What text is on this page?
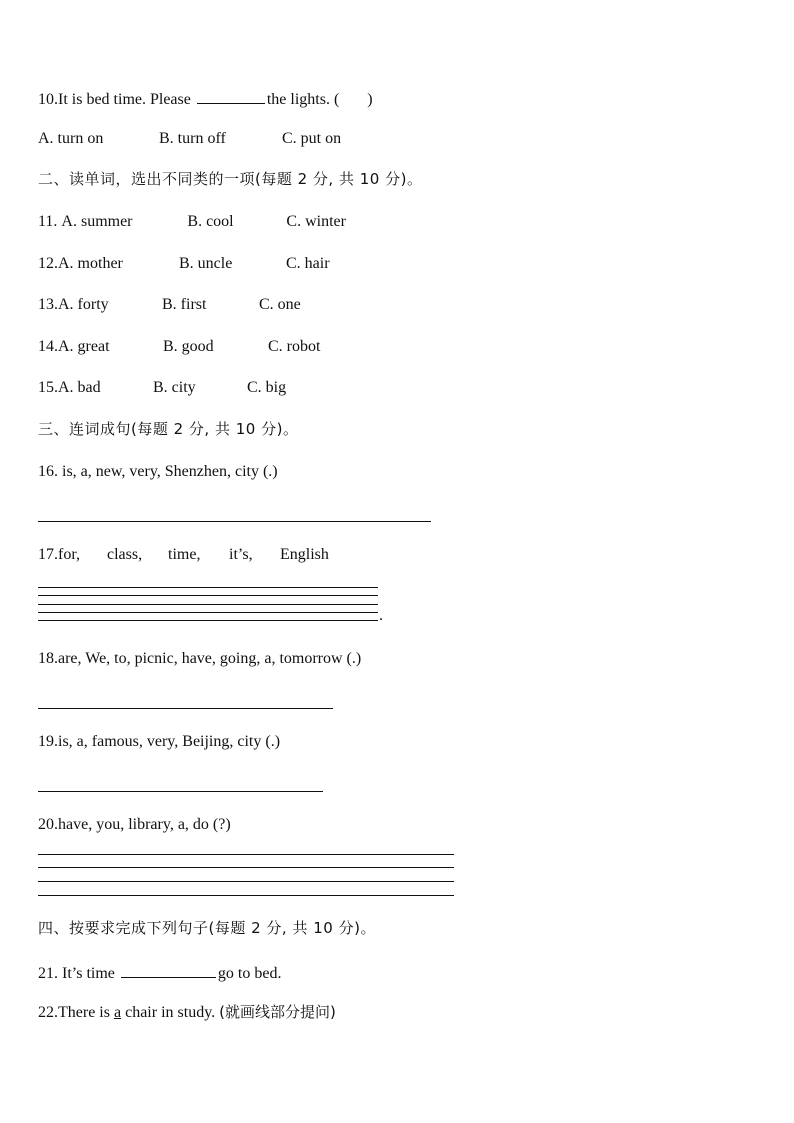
10.It is bed time. Please	the lights. ( )
A. turn on	B. turn off	C. put on
二、读单词，选出不同类的一项(每题 2 分, 共 10 分)。
11. A. summer	B. cool	C. winter
12.A. mother	B. uncle	C. hair
13.A. forty	B. first	C. one
14.A. great	B. good	C. robot
15.A. bad	B. city	C. big
三、连词成句(每题 2 分, 共 10 分)。
16. is, a, new, very, Shenzhen, city (.)
17.for, class, time, it’s, English
.
18.are, We, to, picnic, have, going, a, tomorrow (.)
19.is, a, famous, very, Beijing, city (.)
20.have, you, library, a, do (?)
四、按要求完成下列句子(每题 2 分, 共 10 分)。
21. It’s time	go to bed.
22.There is a chair in study. (就画线部分提问)
